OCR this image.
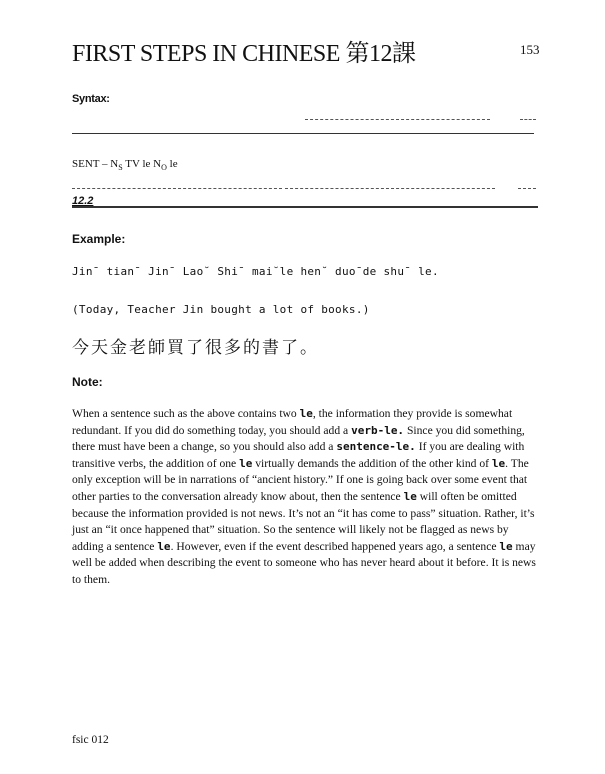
FIRST STEPS IN CHINESE 第12課	153
Syntax:
SENT – $N_S$ TV le $N_O$ le
12.2
Example:
Jin¯ tian¯ Jin¯ Lao˘ Shi¯ mai˘le hen˘ duo¯de shu¯ le.
(Today, Teacher Jin bought a lot of books.)
今天金老師買了很多的書了。
Note:
When a sentence such as the above contains two le, the information they provide is somewhat redundant. If you did do something today, you should add a verb-le. Since you did something, there must have been a change, so you should also add a sentence-le. If you are dealing with transitive verbs, the addition of one le virtually demands the addition of the other kind of le. The only exception will be in narrations of “ancient history.” If one is going back over some event that other parties to the conversation already know about, then the sentence le will often be omitted because the information provided is not news. It’s not an “it has come to pass” situation. Rather, it’s just an “it once happened that” situation. So the sentence will likely not be flagged as news by adding a sentence le. However, even if the event described happened years ago, a sentence le may well be added when describing the event to someone who has never heard about it before. It is news to them.
fsic 012
